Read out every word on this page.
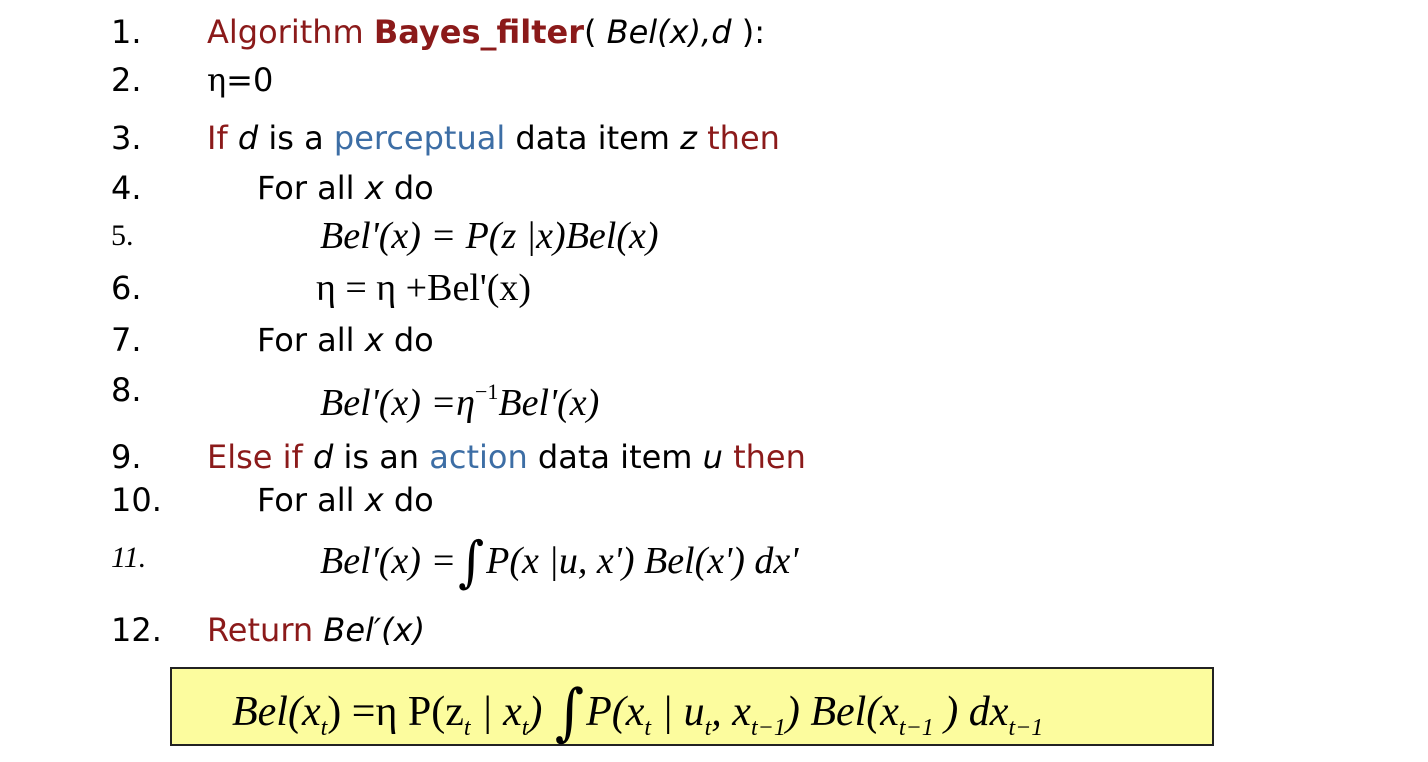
1.
2.
3.
4.
5.
6.
7.
8.
9.
10.
11.
12.
Algorithm Bayes_filter( Bel(x),d ):
η=0
If d is a perceptual data item z then
For all x do
Bel'(x) = P(z |x)Bel(x)
η = η +Bel'(x)
For all x do
$Bel'(x) =\eta^{-1}Bel'(x)$
Else if d is an action data item u then
For all x do
Bel'(x) =∫P(x |u, x') Bel(x') dx'
Return Bel′(x)
$Bel(x_t) =\eta$ $P(z_t$ | $x_t$) $\int P(x_t$ | $u_t$, $x_{t-1}$) $Bel(x_{t-1}$ ) $dx_{t-1}$
